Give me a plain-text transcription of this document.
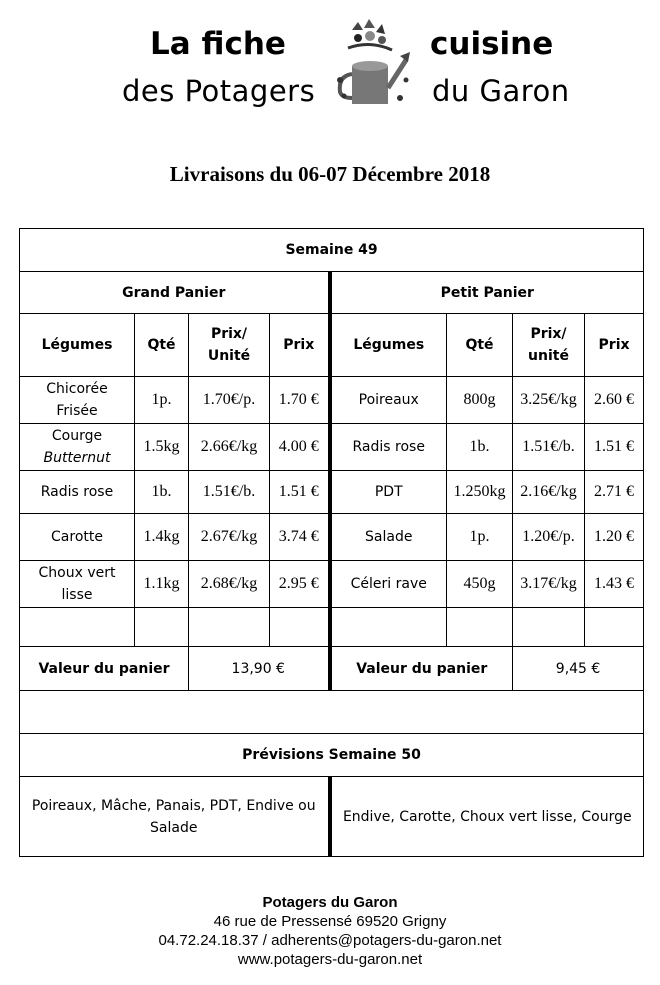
La fiche
des Potagers
cuisine
du Garon
Livraisons du 06-07 Décembre 2018
Semaine 49							
Grand Panier				Petit Panier			
Légumes	Qté	Prix/
Unité	Prix	Légumes	Qté	Prix/
unité	Prix
Chicorée
Frisée	1p.	1.70€/p.	1.70 €	Poireaux	800g	3.25€/kg	2.60 €
Courge
Butternut	1.5kg	2.66€/kg	4.00 €	Radis rose	1b.	1.51€/b.	1.51 €
Radis rose	1b.	1.51€/b.	1.51 €	PDT	1.250kg	2.16€/kg	2.71 €
Carotte	1.4kg	2.67€/kg	3.74 €	Salade	1p.	1.20€/p.	1.20 €
Choux vert
lisse	1.1kg	2.68€/kg	2.95 €	Céleri rave	450g	3.17€/kg	1.43 €

Valeur du panier		13,90 €		Valeur du panier		9,45 €	

Prévisions Semaine 50							
Poireaux, Mâche, Panais, PDT, Endive ou Salade				Endive, Carotte, Choux vert lisse, Courge			
Potagers du Garon
46 rue de Pressensé 69520 Grigny
04.72.24.18.37 / adherents@potagers-du-garon.net
www.potagers-du-garon.net
